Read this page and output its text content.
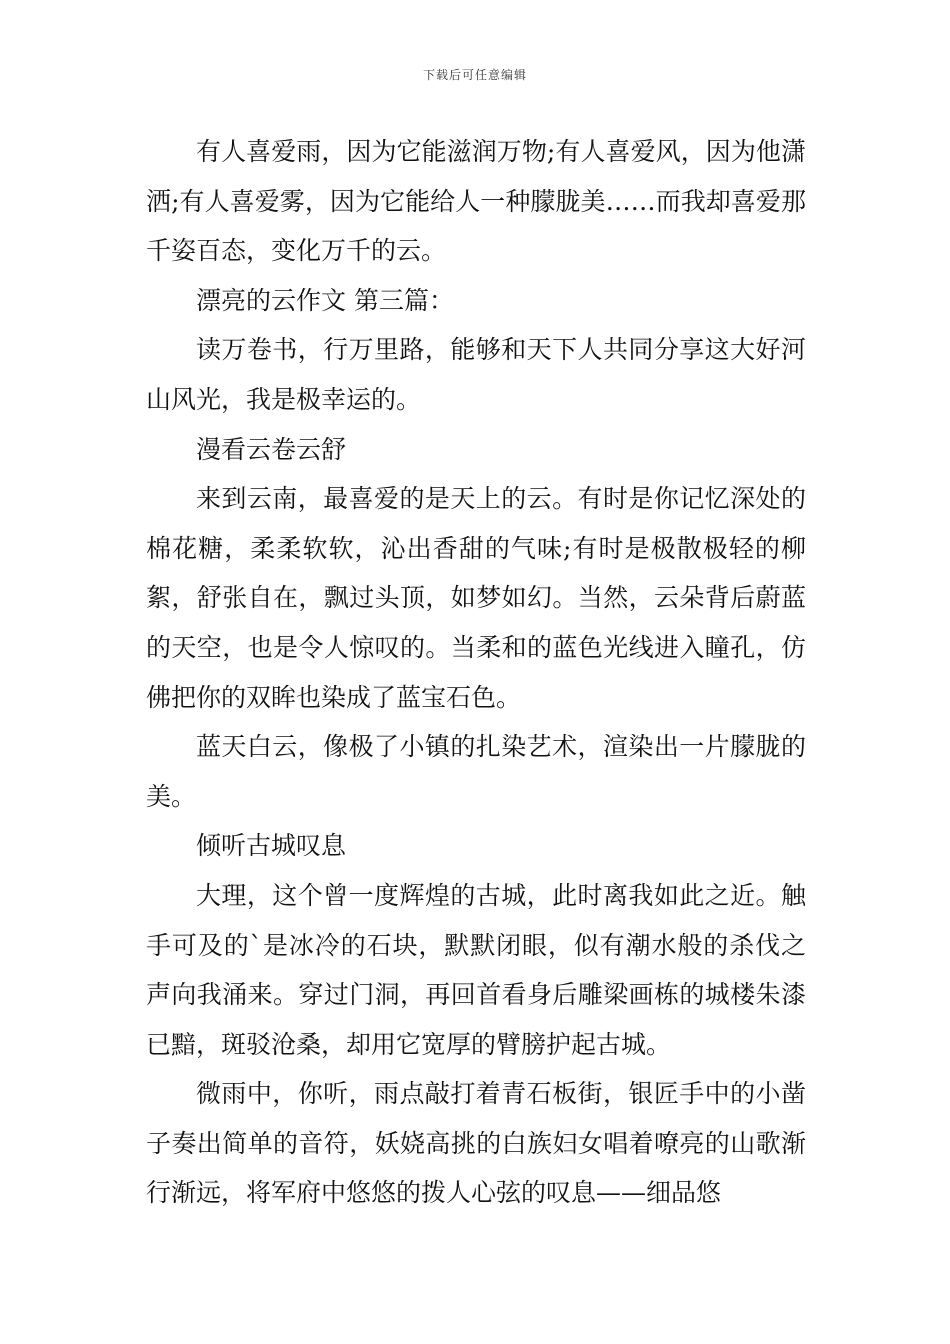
下载后可任意编辑

有人喜爱雨，因为它能滋润万物;有人喜爱风，因为他潇洒;有人喜爱雾，因为它能给人一种朦胧美……而我却喜爱那千姿百态，变化万千的云。

漂亮的云作文 第三篇：

读万卷书，行万里路，能够和天下人共同分享这大好河山风光，我是极幸运的。

漫看云卷云舒

来到云南，最喜爱的是天上的云。有时是你记忆深处的棉花糖，柔柔软软，沁出香甜的气味;有时是极散极轻的柳絮，舒张自在，飘过头顶，如梦如幻。当然，云朵背后蔚蓝的天空，也是令人惊叹的。当柔和的蓝色光线进入瞳孔，仿佛把你的双眸也染成了蓝宝石色。

蓝天白云，像极了小镇的扎染艺术，渲染出一片朦胧的美。

倾听古城叹息

大理，这个曾一度辉煌的古城，此时离我如此之近。触手可及的`是冰冷的石块，默默闭眼，似有潮水般的杀伐之声向我涌来。穿过门洞，再回首看身后雕梁画栋的城楼朱漆已黯，斑驳沧桑，却用它宽厚的臂膀护起古城。

微雨中，你听，雨点敲打着青石板街，银匠手中的小凿子奏出简单的音符，妖娆高挑的白族妇女唱着嘹亮的山歌渐行渐远，将军府中悠悠的拨人心弦的叹息——细品悠
